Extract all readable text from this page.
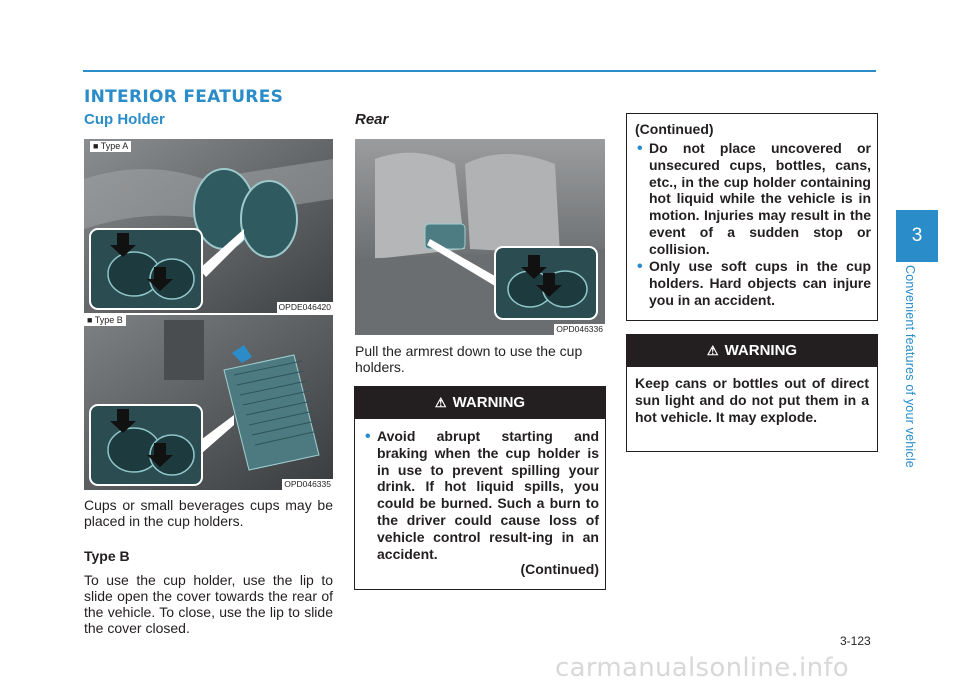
INTERIOR FEATURES
Cup Holder
■ Type A
OPDE046420
■ Type B
OPD046335
Cups or small beverages cups may be placed in the cup holders.
Type B
To use the cup holder, use the lip to slide open the cover towards the rear of the vehicle. To close, use the lip to slide the cover closed.
Rear
OPD046336
Pull the armrest down to use the cup holders.
⚠ WARNING
• Avoid abrupt starting and braking when the cup holder is in use to prevent spilling your drink. If hot liquid spills, you could be burned. Such a burn to the driver could cause loss of vehicle control result-ing in an accident.
(Continued)
(Continued)
• Do not place uncovered or unsecured cups, bottles, cans, etc., in the cup holder containing hot liquid while the vehicle is in motion. Injuries may result in the event of a sudden stop or collision.
• Only use soft cups in the cup holders. Hard objects can injure you in an accident.
⚠ WARNING
Keep cans or bottles out of direct sun light and do not put them in a hot vehicle. It may explode.
3
Convenient features of your vehicle
3-123
carmanualsonline.info
